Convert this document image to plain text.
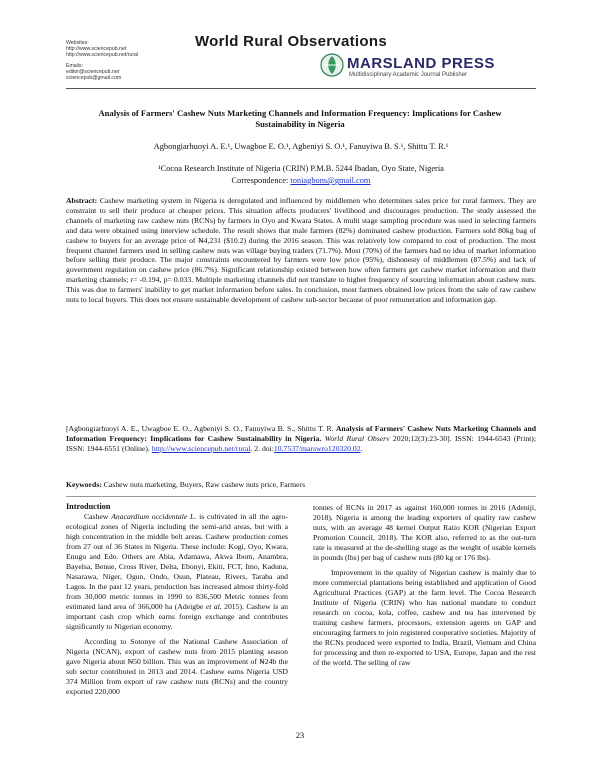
Websites:
http://www.sciencepub.net
http://www.sciencepub.net/rural
Emails:
editor@sciencepub.net
sciencepub@gmail.com
World Rural Observations
MARSLAND PRESS
Multidisciplinary Academic Journal Publisher
Analysis of Farmers' Cashew Nuts Marketing Channels and Information Frequency: Implications for Cashew Sustainability in Nigeria
Agbongiarhuoyi A. E.¹, Uwagboe E. O.¹, Agbeniyi S. O.¹, Fanuyiwa B. S.¹, Shittu T. R.¹
¹Cocoa Research Institute of Nigeria (CRIN) P.M.B. 5244 Ibadan, Oyo State, Nigeria
Correspondence: toniagbons@gmail.com
Abstract: Cashew marketing system in Nigeria is deregulated and influenced by middlemen who determines sales price for rural farmers. They are constraint to sell their produce at cheaper prices. This situation affects producers' livelihood and discourages production. The study assessed the channels of marketing raw cashew nuts (RCNs) by farmers in Oyo and Kwara States. A multi stage sampling procedure was used in selecting farmers and data were obtained using interview schedule. The result shows that male farmers (82%) dominated cashew production. Farmers sold 80kg bag of cashew to buyers for an average price of ₦4,231 ($10.2) during the 2016 season. This was relatively low compared to cost of production. The most frequent channel farmers used in selling cashew nuts was village buying traders (71.7%). Most (70%) of the farmers had no idea of market information before selling their produce. The major constraints encountered by farmers were low price (95%), dishonesty of middlemen (87.5%) and lack of government regulation on cashew price (86.7%). Significant relationship existed between how often farmers get cashew market information and their marketing channels; r= -0.194, p= 0.033. Multiple marketing channels did not translate to higher frequency of sourcing information about cashew nuts. This was due to farmers' inability to get market information before sales. In conclusion, most farmers obtained low prices from the sale of raw cashew nuts to local buyers. This does not ensure sustainable development of cashew sub-sector because of poor remuneration and information gap.
[Agbongiarhuoyi A. E., Uwagboe E. O., Agbeniyi S. O., Fanuyiwa B. S., Shittu T. R. Analysis of Farmers' Cashew Nuts Marketing Channels and Information Frequency: Implications for Cashew Sustainability in Nigeria. World Rural Observ 2020;12(3):23-30]. ISSN: 1944-6543 (Print); ISSN: 1944-6551 (Online). http://www.sciencepub.net/rural. 2. doi:10.7537/marswro120320.02.
Keywords: Cashew nuts marketing, Buyers, Raw cashew nuts price, Farmers

Introduction

Cashew Anacardium occidentale L. is cultivated in all the agro-ecological zones of Nigeria including the semi-arid areas, but with a high concentration in the middle belt areas. Cashew production comes from 27 out of 36 States in Nigeria. These include: Kogi, Oyo, Kwara, Enugu and Edo. Others are Abia, Adamawa, Akwa Ibom, Anambra, Bayelsa, Benue, Cross River, Delta, Ebonyi, Ekiti, FCT, Imo, Kaduna, Nasarawa, Niger, Ogun, Ondo, Osun, Plateau, Rivers, Taraba and Lagos. In the past 12 years, production has increased almost thirty-fold from 30,000 metric tonnes in 1990 to 836,500 Metric tonnes from estimated land area of 366,000 ha (Adeigbe et al, 2015). Cashew is an important cash crop which earns foreign exchange and contributes significantly to Nigerian economy.

According to Sotonye of the National Cashew Association of Nigeria (NCAN), export of cashew nuts from 2015 planting season gave Nigeria about ₦50 billion. This was an improvement of ₦24b the sub sector contributed in 2013 and 2014. Cashew earns Nigeria USD 374 Million from export of raw cashew nuts (RCNs) and the country exported 220,000

tonnes of RCNs in 2017 as against 160,000 tonnes in 2016 (Adeniji, 2018). Nigeria is among the leading exporters of quality raw cashew nuts, with an average 48 kernel Output Ratio KOR (Nigerian Export Promotion Council, 2018). The KOR also, referred to as the out-turn rate is measured at the de-shelling stage as the weight of usable kernels in pounds (lbs) per bag of cashew nuts (80 kg or 176 lbs).

Improvement in the quality of Nigerian cashew is mainly due to more commercial plantations being established and application of Good Agricultural Practices (GAP) at the farm level. The Cocoa Research Institute of Nigeria (CRIN) who has national mandate to conduct research on cocoa, kola, coffee, cashew and tea has intervened by training cashew farmers, processors, extension agents on GAP and encouraging farmers to join registered cooperative societies. Majority of the RCNs produced were exported to India, Brazil, Vietnam and China for processing and then re-exported to USA, Europe, Japan and the rest of the world. The selling of raw

23
